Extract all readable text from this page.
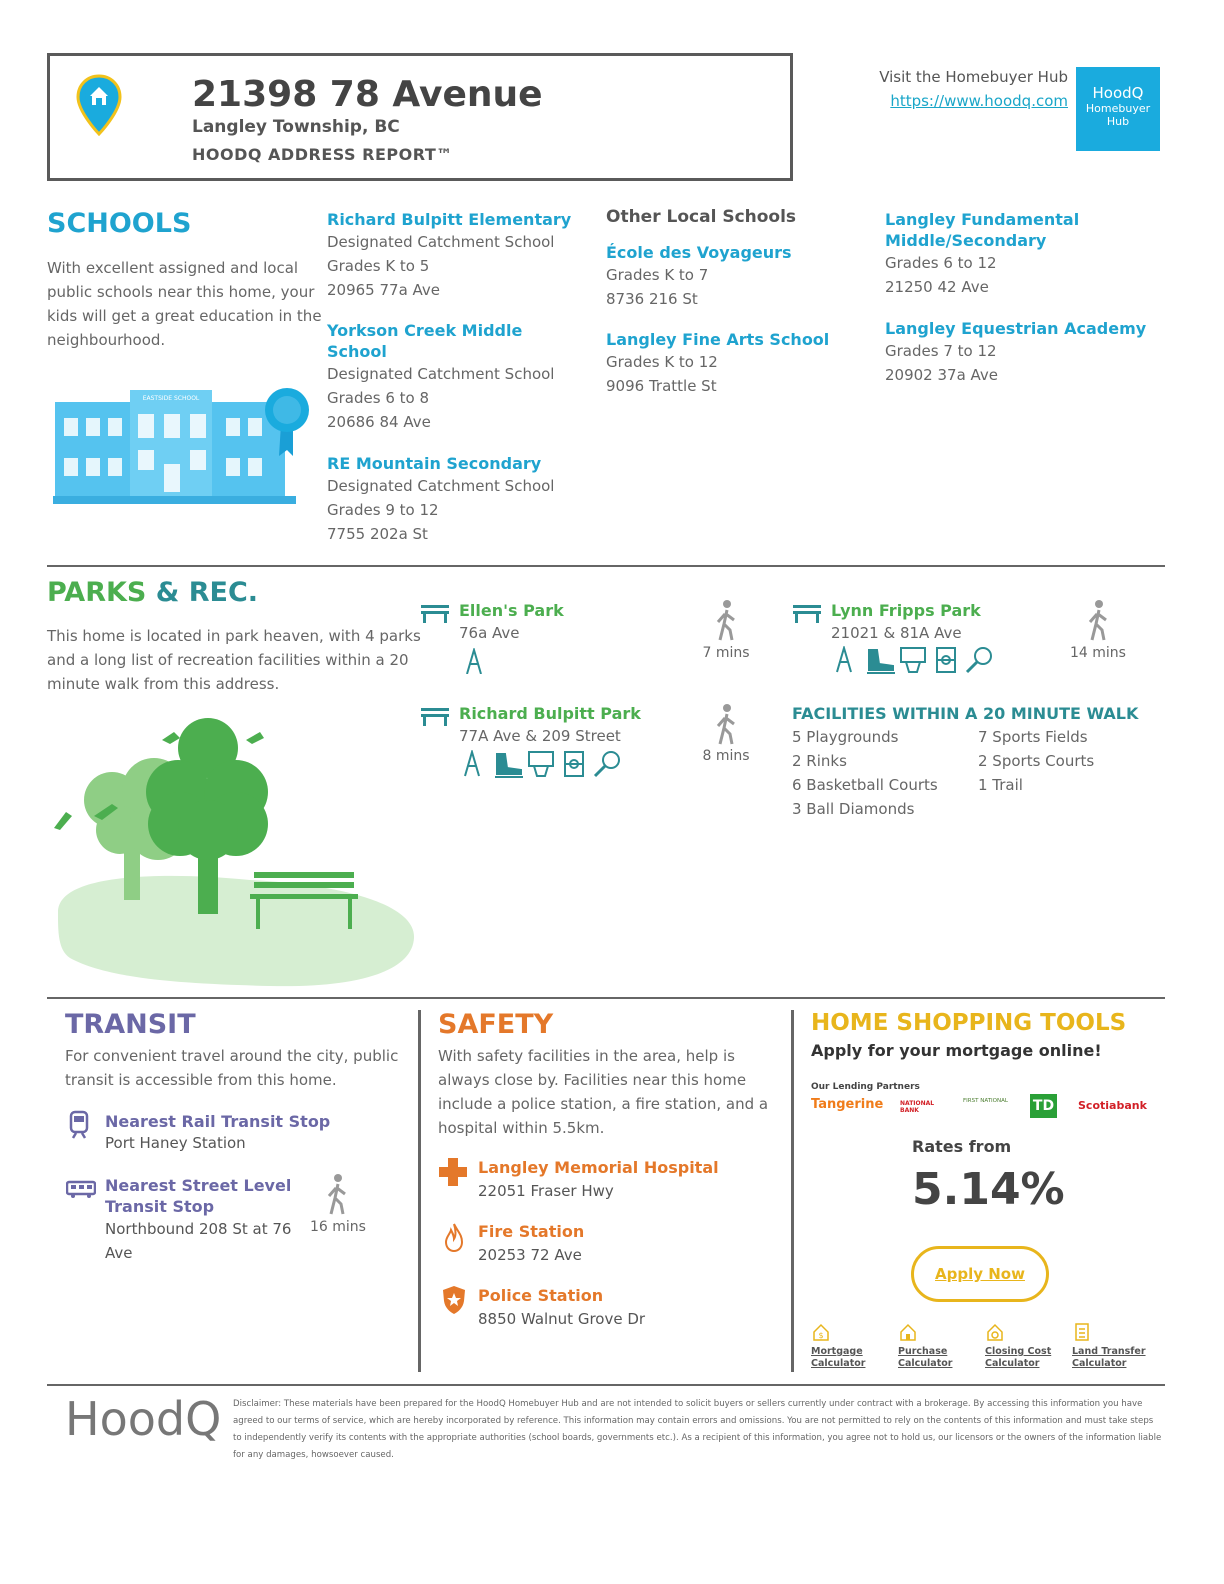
21398 78 Avenue
Langley Township, BC
HOODQ ADDRESS REPORT™
Visit the Homebuyer Hub
https://www.hoodq.com	HoodQ
Homebuyer Hub
SCHOOLS
With excellent assigned and local public schools near this home, your kids will get a great education in the neighbourhood.
EASTSIDE SCHOOL
Richard Bulpitt Elementary
Designated Catchment School
Grades K to 5
20965 77a Ave
Yorkson Creek Middle School
Designated Catchment School
Grades 6 to 8
20686 84 Ave
RE Mountain Secondary
Designated Catchment School
Grades 9 to 12
7755 202a St
Other Local Schools
École des Voyageurs
Grades K to 7
8736 216 St
Langley Fine Arts School
Grades K to 12
9096 Trattle St
Langley Fundamental Middle/Secondary
Grades 6 to 12
21250 42 Ave
Langley Equestrian Academy
Grades 7 to 12
20902 37a Ave
PARKS & REC.
This home is located in park heaven, with 4 parks and a long list of recreation facilities within a 20 minute walk from this address.
Ellen's Park
76a Ave
7 mins
Richard Bulpitt Park
77A Ave & 209 Street
8 mins
Lynn Fripps Park
21021 & 81A Ave
14 mins
FACILITIES WITHIN A 20 MINUTE WALK
5 Playgrounds
2 Rinks
6 Basketball Courts
3 Ball Diamonds
7 Sports Fields
2 Sports Courts
1 Trail
TRANSIT
For convenient travel around the city, public transit is accessible from this home.
Nearest Rail Transit Stop
Port Haney Station
Nearest Street Level Transit Stop
Northbound 208 St at 76 Ave
16 mins
SAFETY
With safety facilities in the area, help is always close by. Facilities near this home include a police station, a fire station, and a hospital within 5.5km.
Langley Memorial Hospital
22051 Fraser Hwy
Fire Station
20253 72 Ave
Police Station
8850 Walnut Grove Dr
HOME SHOPPING TOOLS
Apply for your mortgage online!
Our Lending Partners
Tangerine	NATIONAL BANK
FIRST NATIONAL	TD Scotiabank
Rates from
5.14%
Apply Now
$
Mortgage
Calculator
Purchase
Calculator
Closing Cost
Calculator
Land Transfer
Calculator
HoodQ Disclaimer: These materials have been prepared for the HoodQ Homebuyer Hub and are not intended to solicit buyers or sellers currently under contract with a brokerage. By accessing this information you have agreed to our terms of service, which are hereby incorporated by reference. This information may contain errors and omissions. You are not permitted to rely on the contents of this information and must take steps to independently verify its contents with the appropriate authorities (school boards, governments etc.). As a recipient of this information, you agree not to hold us, our licensors or the owners of the information liable for any damages, howsoever caused.
